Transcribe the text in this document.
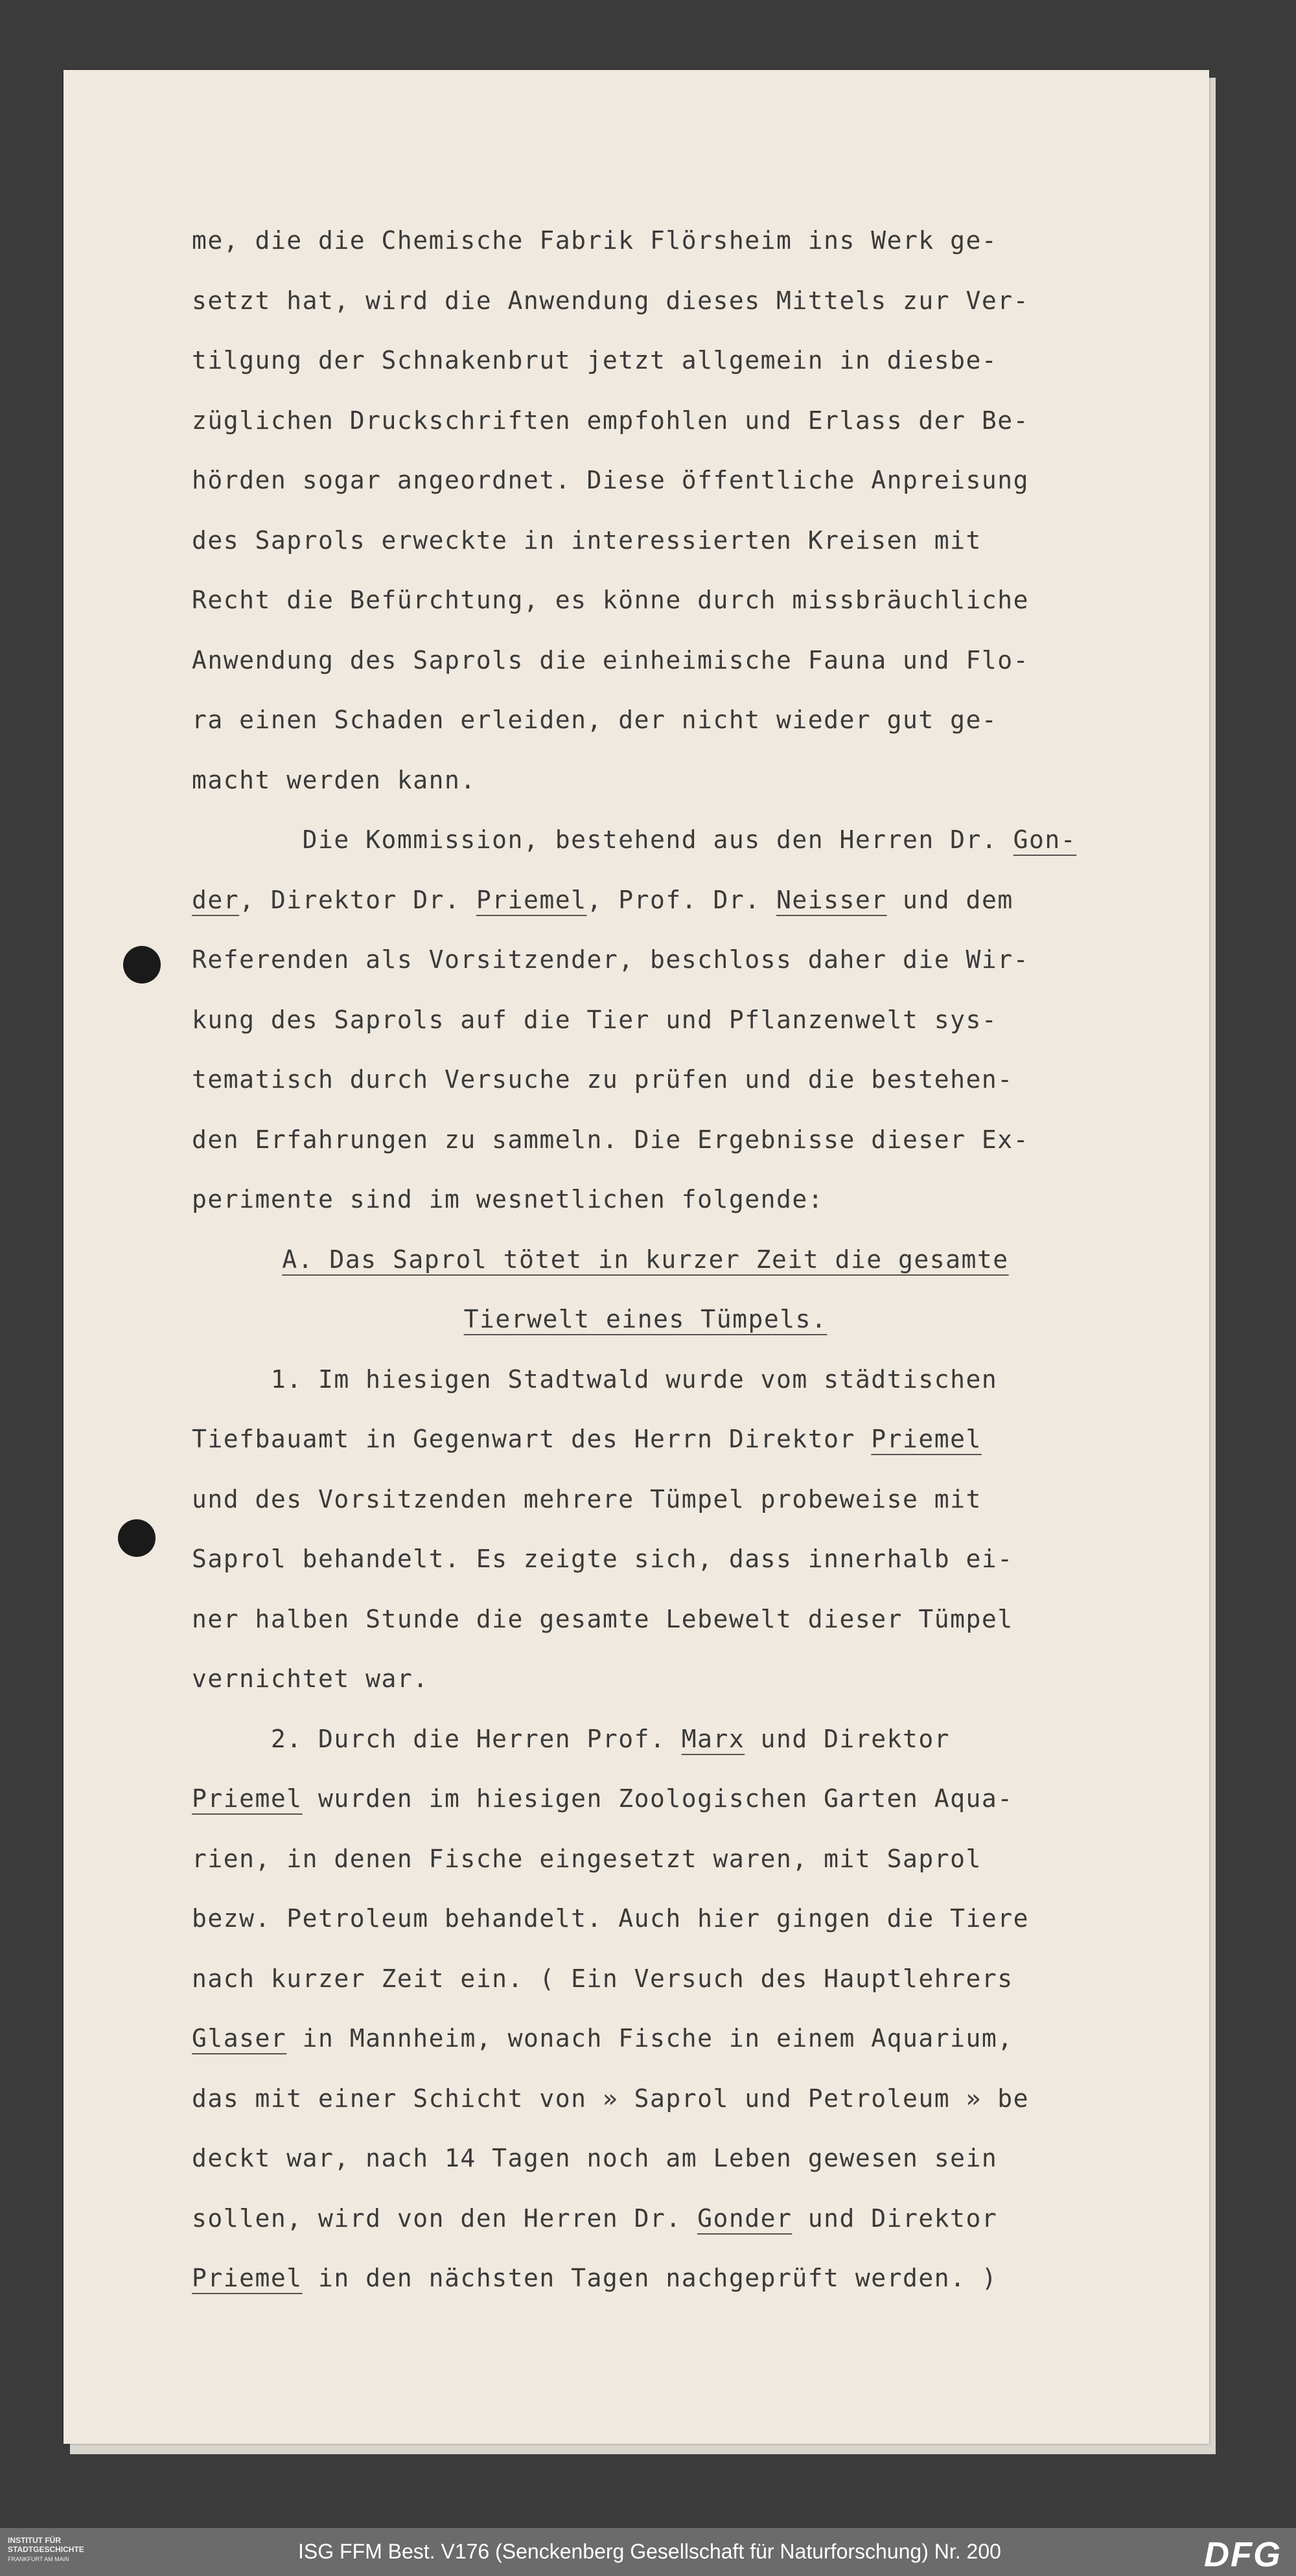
me, die die Chemische Fabrik Flörsheim ins Werk ge-
setzt hat, wird die Anwendung dieses Mittels zur Ver-
tilgung der Schnakenbrut jetzt allgemein in diesbe-
züglichen Druckschriften empfohlen und Erlass der Be-
hörden sogar angeordnet. Diese öffentliche Anpreisung
des Saprols erweckte in interessierten Kreisen mit
Recht die Befürchtung, es könne durch missbräuchliche
Anwendung des Saprols die einheimische Fauna und Flo-
ra einen Schaden erleiden, der nicht wieder gut ge-
macht werden kann.
Die Kommission, bestehend aus den Herren Dr. Gon-
der, Direktor Dr. Priemel, Prof. Dr. Neisser und dem
Referenden als Vorsitzender, beschloss daher die Wir-
kung des Saprols auf die Tier und Pflanzenwelt sys-
tematisch durch Versuche zu prüfen und die bestehen-
den Erfahrungen zu sammeln. Die Ergebnisse dieser Ex-
perimente sind im wesnetlichen folgende:
A. Das Saprol tötet in kurzer Zeit die gesamte
Tierwelt eines Tümpels.
1. Im hiesigen Stadtwald wurde vom städtischen
Tiefbauamt in Gegenwart des Herrn Direktor Priemel
und des Vorsitzenden mehrere Tümpel probeweise mit
Saprol behandelt. Es zeigte sich, dass innerhalb ei-
ner halben Stunde die gesamte Lebewelt dieser Tümpel
vernichtet war.
2. Durch die Herren Prof. Marx und Direktor
Priemel wurden im hiesigen Zoologischen Garten Aqua-
rien, in denen Fische eingesetzt waren, mit Saprol
bezw. Petroleum behandelt. Auch hier gingen die Tiere
nach kurzer Zeit ein. ( Ein Versuch des Hauptlehrers
Glaser in Mannheim, wonach Fische in einem Aquarium,
das mit einer Schicht von » Saprol und Petroleum » be
deckt war, nach 14 Tagen noch am Leben gewesen sein
sollen, wird von den Herren Dr. Gonder und Direktor
Priemel in den nächsten Tagen nachgeprüft werden. )
INSTITUT FÜR
STADTGESCHICHTE
FRANKFURT AM MAIN	ISG FFM Best. V176 (Senckenberg Gesellschaft für Naturforschung) Nr. 200	DFG
